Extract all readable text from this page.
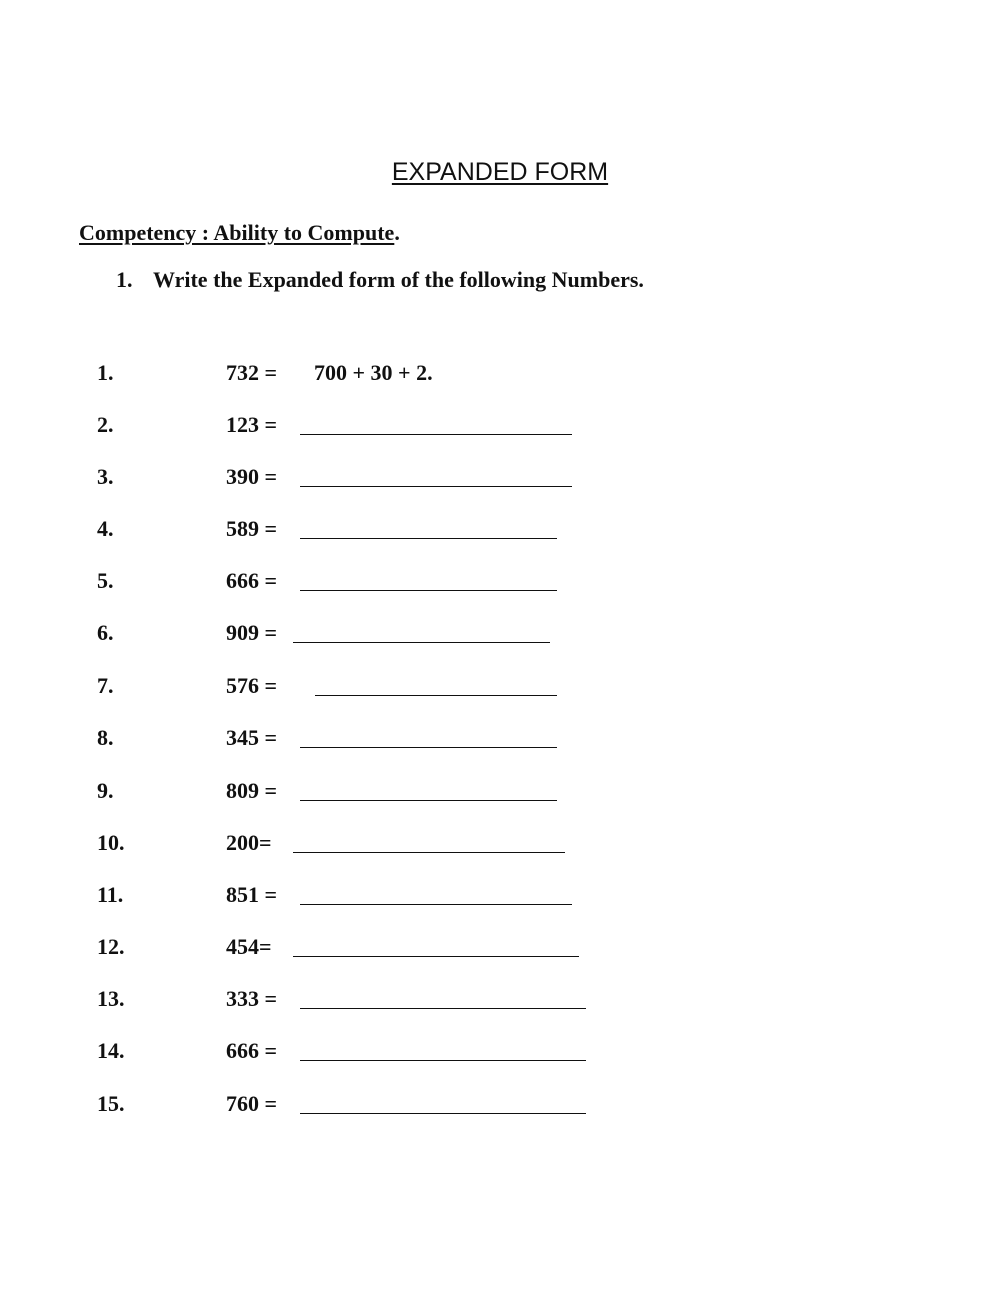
EXPANDED FORM
Competency : Ability to Compute.
1. Write the Expanded form of the following Numbers.
1.	732 = 700 + 30 + 2.
2.	123 =
3.	390 =
4.	589 =
5.	666 =
6.	909 =
7.	576 =
8.	345 =
9.	809 =
10.	200=
11.	851 =
12.	454=
13.	333 =
14.	666 =
15.	760 =
